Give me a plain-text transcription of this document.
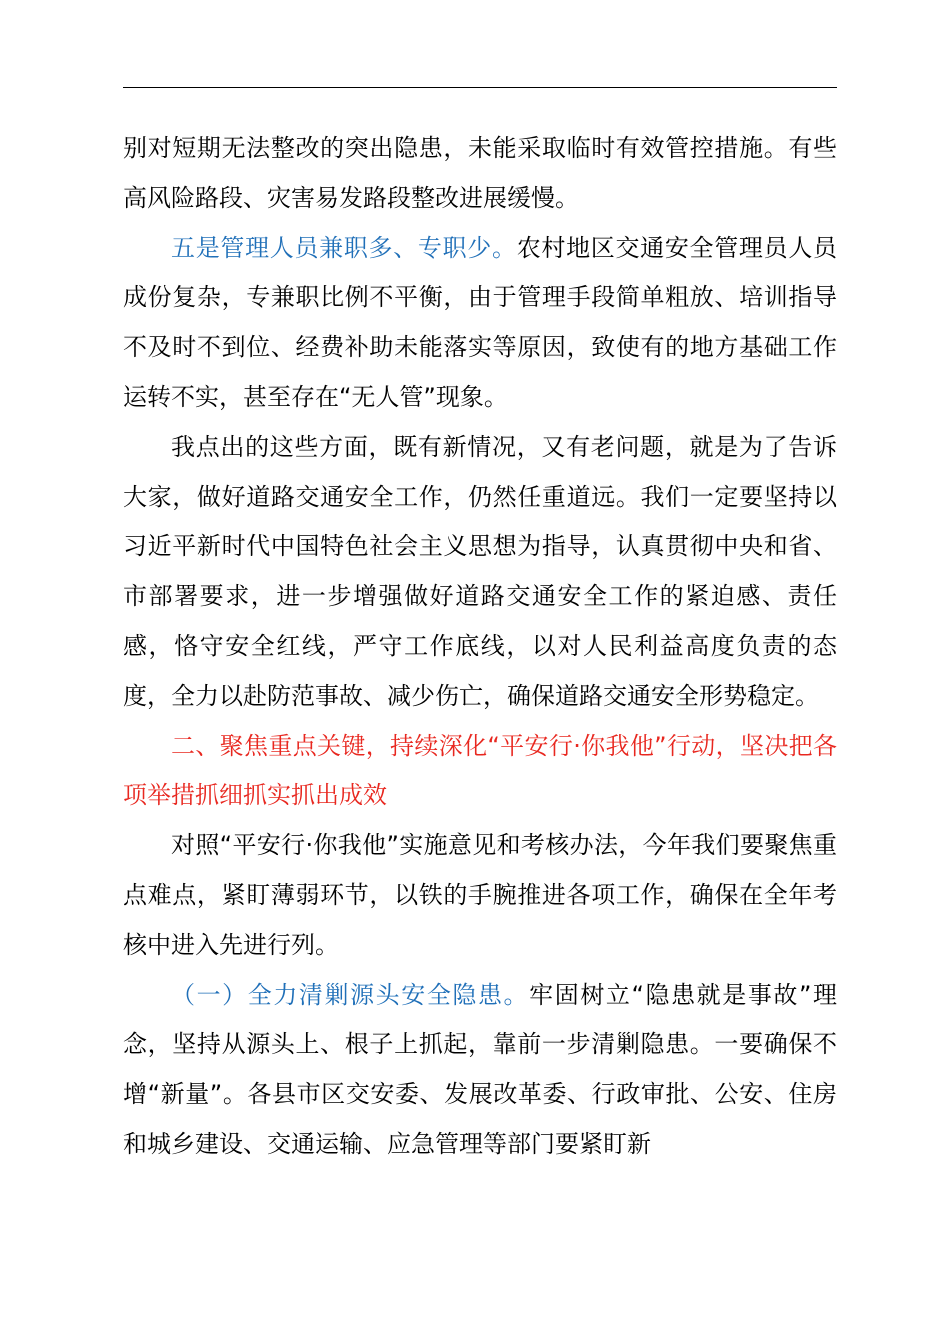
别对短期无法整改的突出隐患，未能采取临时有效管控措施。有些高风险路段、灾害易发路段整改进展缓慢。

五是管理人员兼职多、专职少。农村地区交通安全管理员人员成份复杂，专兼职比例不平衡，由于管理手段简单粗放、培训指导不及时不到位、经费补助未能落实等原因，致使有的地方基础工作运转不实，甚至存在“无人管”现象。

我点出的这些方面，既有新情况，又有老问题，就是为了告诉大家，做好道路交通安全工作，仍然任重道远。我们一定要坚持以习近平新时代中国特色社会主义思想为指导，认真贯彻中央和省、市部署要求，进一步增强做好道路交通安全工作的紧迫感、责任感，恪守安全红线，严守工作底线，以对人民利益高度负责的态度，全力以赴防范事故、减少伤亡，确保道路交通安全形势稳定。

二、聚焦重点关键，持续深化“平安行·你我他”行动，坚决把各项举措抓细抓实抓出成效

对照“平安行·你我他”实施意见和考核办法，今年我们要聚焦重点难点，紧盯薄弱环节，以铁的手腕推进各项工作，确保在全年考核中进入先进行列。

（一）全力清剿源头安全隐患。牢固树立“隐患就是事故”理念，坚持从源头上、根子上抓起，靠前一步清剿隐患。一要确保不增“新量”。各县市区交安委、发展改革委、行政审批、公安、住房和城乡建设、交通运输、应急管理等部门要紧盯新
